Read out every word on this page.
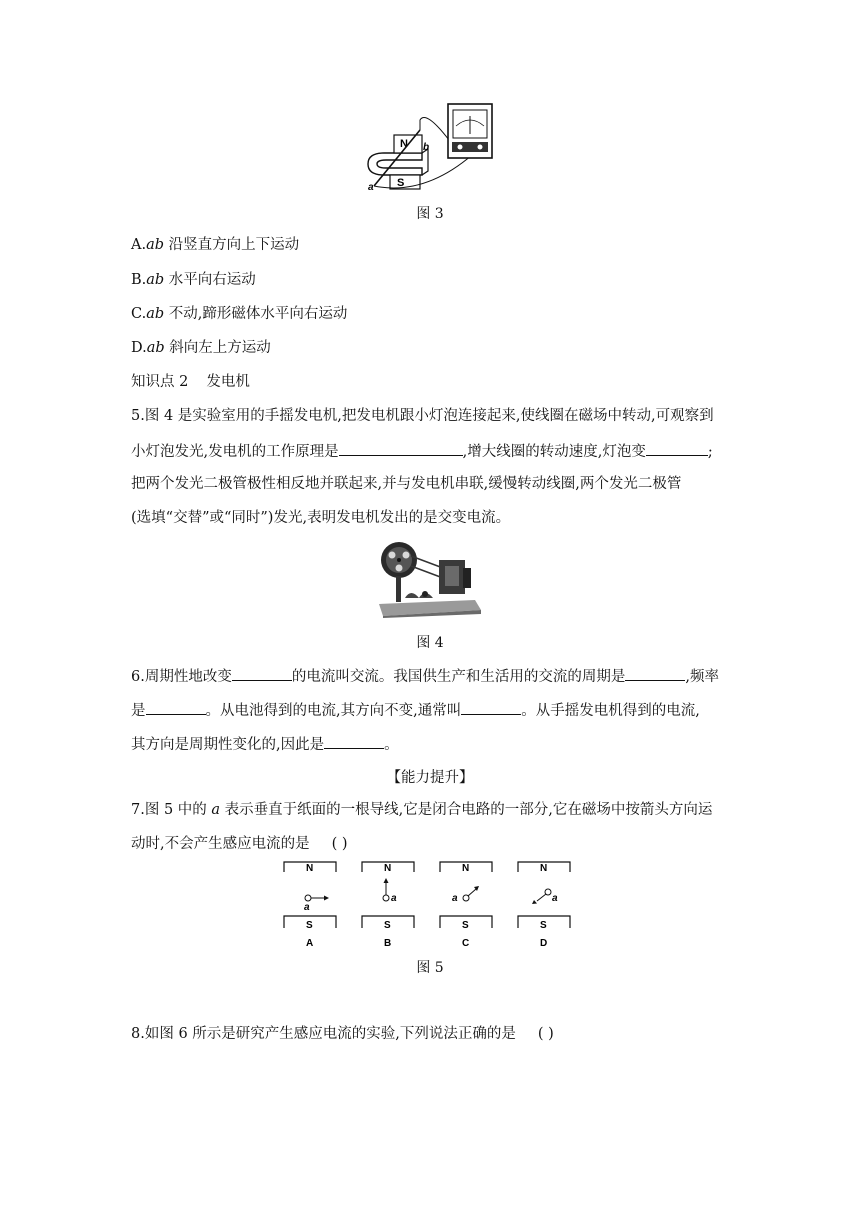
N
S
a
b
图 3
A.ab 沿竖直方向上下运动
B.ab 水平向右运动
C.ab 不动,蹄形磁体水平向右运动
D.ab 斜向左上方运动
知识点 2 发电机
5.图 4 是实验室用的手摇发电机,把发电机跟小灯泡连接起来,使线圈在磁场中转动,可观察到
小灯泡发光,发电机的工作原理是	,增大线圈的转动速度,灯泡变	;
把两个发光二极管极性相反地并联起来,并与发电机串联,缓慢转动线圈,两个发光二极管
(选填“交替”或“同时”)发光,表明发电机发出的是交变电流。
图 4
6.周期性地改变	的电流叫交流。我国供生产和生活用的交流的周期是	,频率
是	。从电池得到的电流,其方向不变,通常叫	。从手摇发电机得到的电流,
其方向是周期性变化的,因此是	。
【能力提升】
7.图 5 中的 a 表示垂直于纸面的一根导线,它是闭合电路的一部分,它在磁场中按箭头方向运
动时,不会产生感应电流的是 ( )
N
a
S
A
N
a
S
B
N
a
S
C
N
a
S
D
图 5
8.如图 6 所示是研究产生感应电流的实验,下列说法正确的是 ( )
